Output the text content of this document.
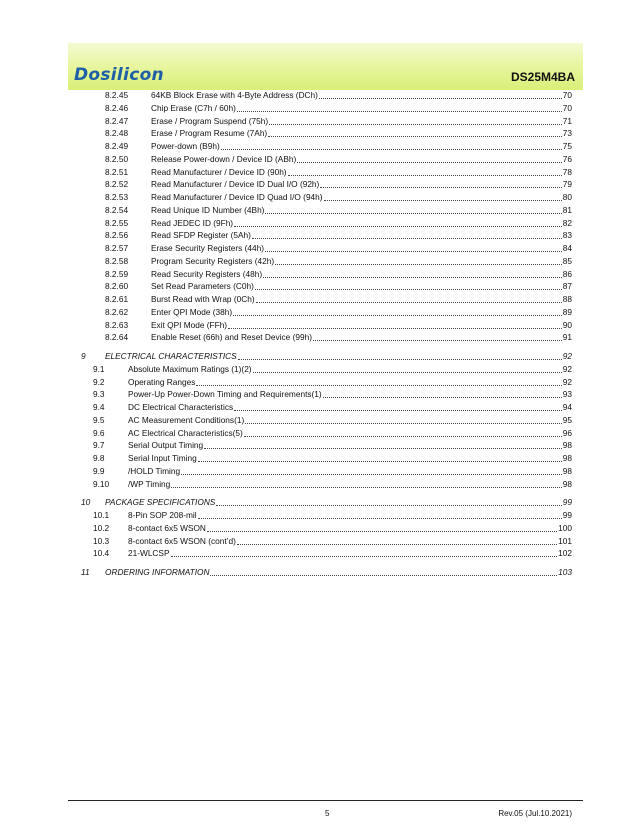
Dosilicon	DS25M4BA
8.2.45	64KB Block Erase with 4-Byte Address (DCh)	70
8.2.46	Chip Erase (C7h / 60h)	70
8.2.47	Erase / Program Suspend (75h)	71
8.2.48	Erase / Program Resume (7Ah)	73
8.2.49	Power-down (B9h)	75
8.2.50	Release Power-down / Device ID (ABh)	76
8.2.51	Read Manufacturer / Device ID (90h)	78
8.2.52	Read Manufacturer / Device ID Dual I/O (92h)	79
8.2.53	Read Manufacturer / Device ID Quad I/O (94h)	80
8.2.54	Read Unique ID Number (4Bh)	81
8.2.55	Read JEDEC ID (9Fh)	82
8.2.56	Read SFDP Register (5Ah)	83
8.2.57	Erase Security Registers (44h)	84
8.2.58	Program Security Registers (42h)	85
8.2.59	Read Security Registers (48h)	86
8.2.60	Set Read Parameters (C0h)	87
8.2.61	Burst Read with Wrap (0Ch)	88
8.2.62	Enter QPI Mode (38h)	89
8.2.63	Exit QPI Mode (FFh)	90
8.2.64	Enable Reset (66h) and Reset Device (99h)	91
9 ELECTRICAL CHARACTERISTICS	92
9.1	Absolute Maximum Ratings (1)(2)	92
9.2	Operating Ranges	92
9.3	Power-Up Power-Down Timing and Requirements(1)	93
9.4	DC Electrical Characteristics	94
9.5	AC Measurement Conditions(1)	95
9.6	AC Electrical Characteristics(5)	96
9.7	Serial Output Timing	98
9.8	Serial Input Timing	98
9.9	/HOLD Timing	98
9.10 /WP Timing	98
10 PACKAGE SPECIFICATIONS	99
10.1 8-Pin SOP 208-mil	99
10.2 8-contact 6x5 WSON	100
10.3 8-contact 6x5 WSON (cont’d)	101
10.4 21-WLCSP	102
11 ORDERING INFORMATION	103
5	Rev.05 (Jul.10.2021)
